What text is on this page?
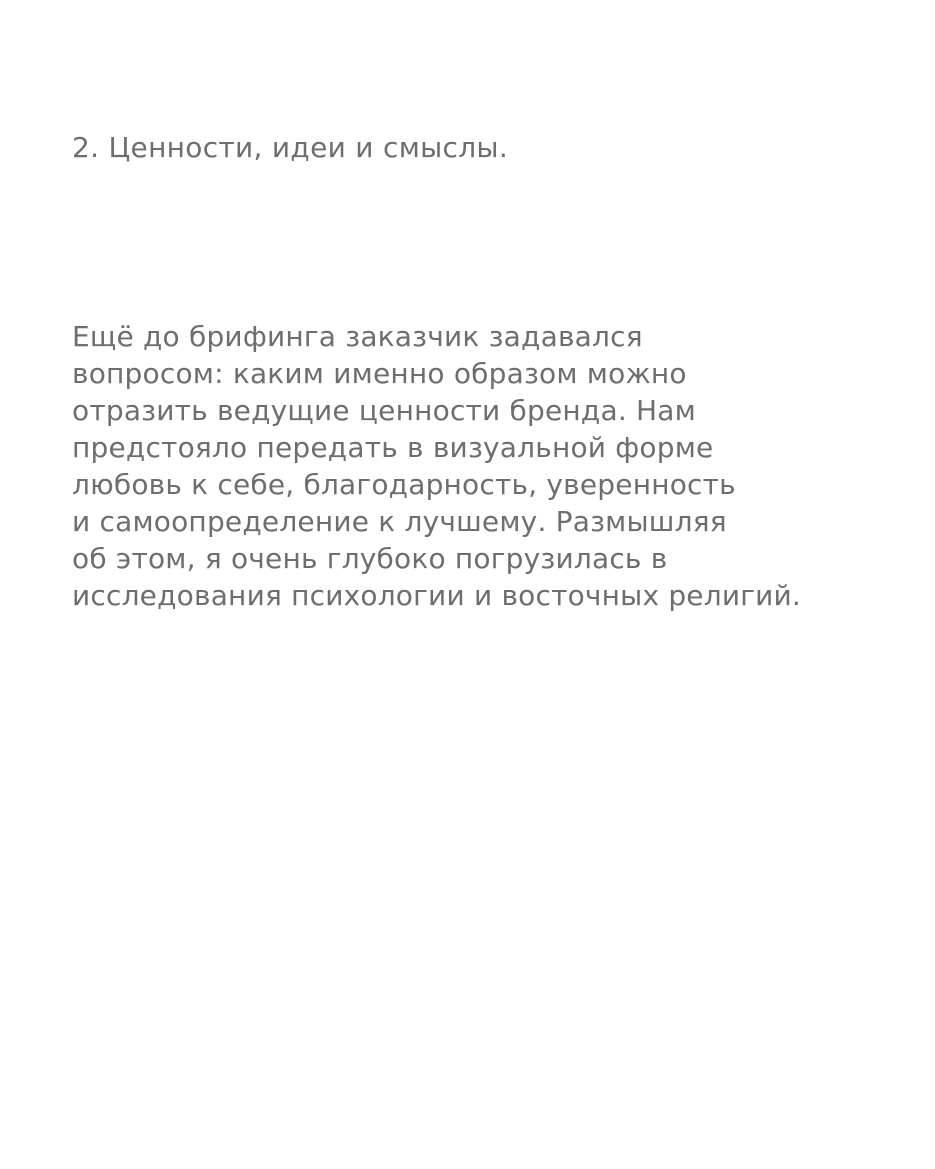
2. Ценности, идеи и смыслы.

Ещё до брифинга заказчик задавался
вопросом: каким именно образом можно
отразить ведущие ценности бренда. Нам
предстояло передать в визуальной форме
любовь к себе, благодарность, уверенность
и самоопределение к лучшему. Размышляя
об этом, я очень глубоко погрузилась в
исследования психологии и восточных религий.
